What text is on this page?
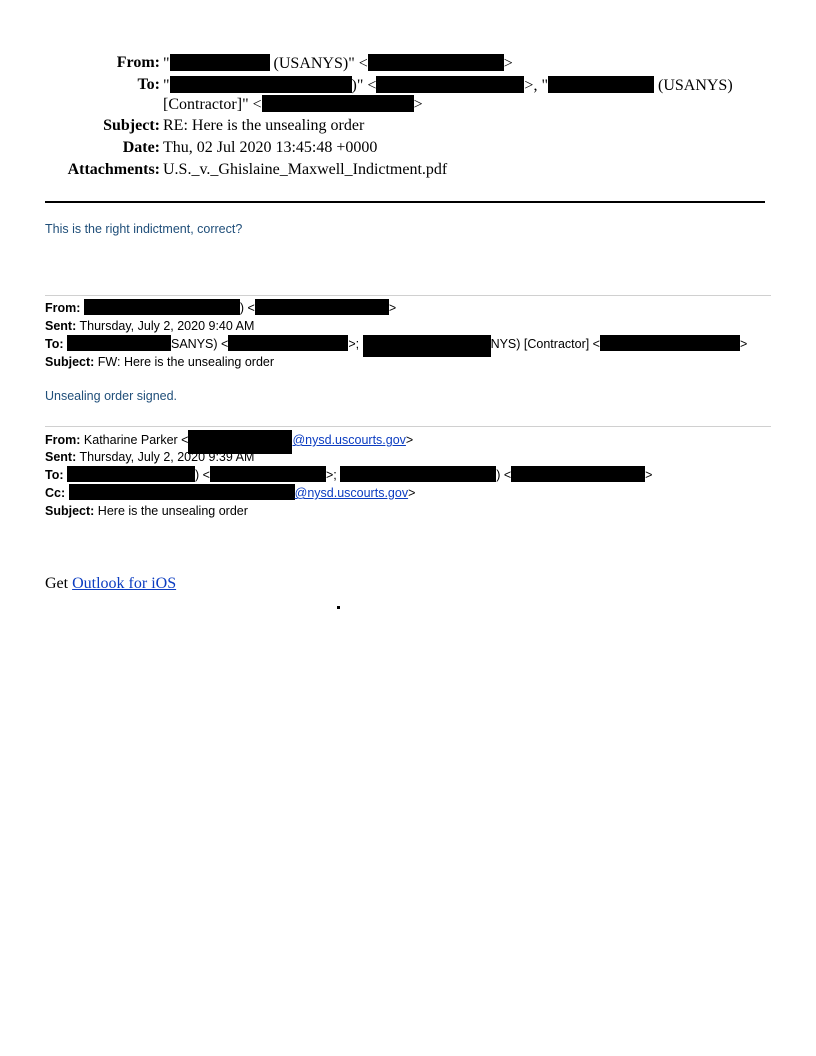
From: "	(USANYS)" <	>
To: "	)" <	>, "	(USANYS)
[Contractor]" <	>
Subject: RE: Here is the unsealing order
Date: Thu, 02 Jul 2020 13:45:48 +0000
Attachments: U.S._v._Ghislaine_Maxwell_Indictment.pdf
This is the right indictment, correct?
From:	) <	>
Sent: Thursday, July 2, 2020 9:40 AM
To:	SANYS) <	>;	NYS) [Contractor] <	>
Subject: FW: Here is the unsealing order
Unsealing order signed.
From: Katharine Parker <	@nysd.uscourts.gov>
Sent: Thursday, July 2, 2020 9:39 AM
To:	) <	>;	) <	>
Cc:	@nysd.uscourts.gov>
Subject: Here is the unsealing order
Get Outlook for iOS
